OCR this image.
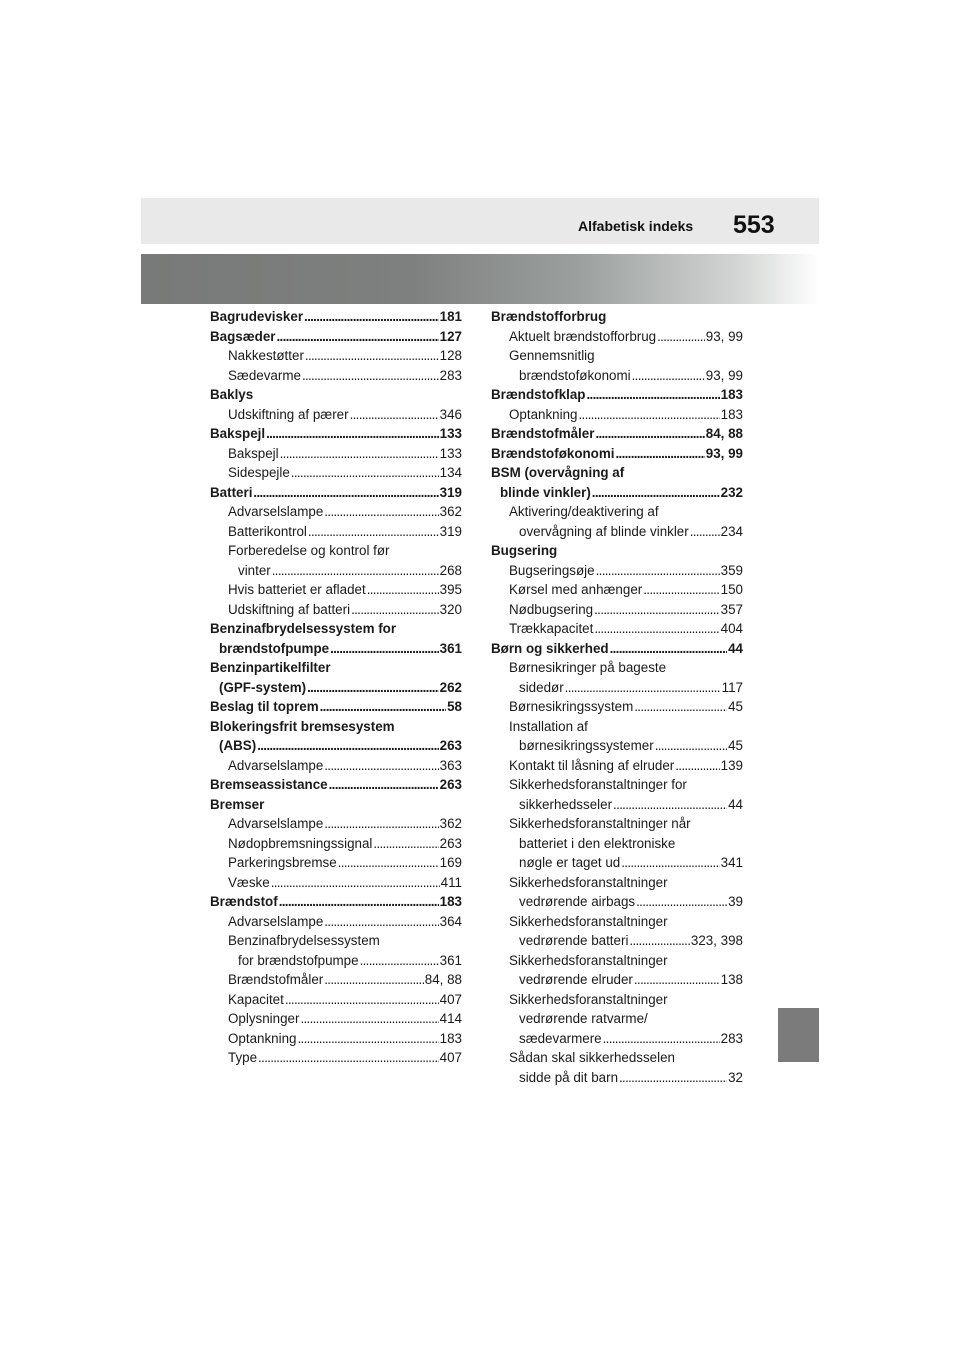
Alfabetisk indeks 553
Bagrudevisker . . .	181
Bagsæder . . .	127
Nakkestøtter . . .	128
Sædevarme . . .	283
Baklys
Udskiftning af pærer . . .	346
Bakspejl . . .	133
Bakspejl . . .	133
Sidespejle . . .	134
Batteri . . .	319
Advarselslampe . . .	362
Batterikontrol . . .	319
Forberedelse og kontrol før
vinter . . .	268
Hvis batteriet er afladet . . .	395
Udskiftning af batteri . . .	320
Benzinafbrydelsessystem for
brændstofpumpe . . .	361
Benzinpartikelfilter
(GPF-system) . . .	262
Beslag til toprem . . .	58
Blokeringsfrit bremsesystem
(ABS) . . .	263
Advarselslampe . . .	363
Bremseassistance . . .	263
Bremser
Advarselslampe . . .	362
Nødopbremsningssignal . . .	263
Parkeringsbremse . . .	169
Væske . . .	411
Brændstof . . .	183
Advarselslampe . . .	364
Benzinafbrydelsessystem
for brændstofpumpe . . .	361
Brændstofmåler . . .	84, 88
Kapacitet . . .	407
Oplysninger . . .	414
Optankning . . .	183
Type . . .	407
Brændstofforbrug
Aktuelt brændstofforbrug . . .	93, 99
Gennemsnitlig
brændstoføkonomi . . .	93, 99
Brændstofklap . . .	183
Optankning . . .	183
Brændstofmåler . . .	84, 88
Brændstoføkonomi . . .	93, 99
BSM (overvågning af
blinde vinkler) . . .	232
Aktivering/deaktivering af
overvågning af blinde vinkler . . . 234
Bugsering
Bugseringsøje . . .	359
Kørsel med anhænger . . .	150
Nødbugsering . . .	357
Trækkapacitet . . .	404
Børn og sikkerhed . . .	44
Børnesikringer på bageste
sidedør . . .	117
Børnesikringssystem . . .	45
Installation af
børnesikringssystemer . . .	45
Kontakt til låsning af elruder . . .	139
Sikkerhedsforanstaltninger for
sikkerhedsseler . . .	44
Sikkerhedsforanstaltninger når
batteriet i den elektroniske
nøgle er taget ud . . .	341
Sikkerhedsforanstaltninger
vedrørende airbags . . .	39
Sikkerhedsforanstaltninger
vedrørende batteri . . .	323, 398
Sikkerhedsforanstaltninger
vedrørende elruder . . .	138
Sikkerhedsforanstaltninger
vedrørende ratvarme/
sædevarmere . . .	283
Sådan skal sikkerhedsselen
sidde på dit barn . . .	32
